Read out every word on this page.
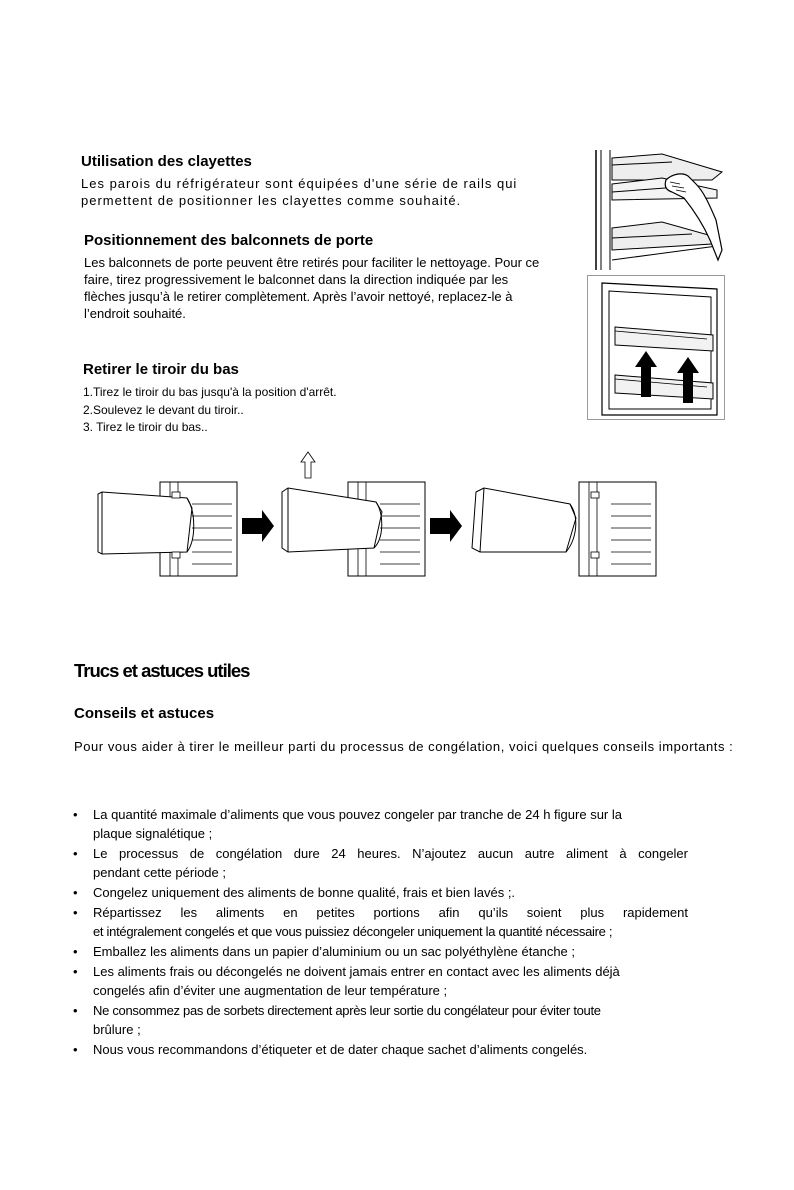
Utilisation des clayettes
Les parois du réfrigérateur sont équipées d'une série de rails qui
permettent de positionner les clayettes comme souhaité.
Positionnement des balconnets de porte
Les balconnets de porte peuvent être retirés pour faciliter le nettoyage. Pour ce
faire, tirez progressivement le balconnet dans la direction indiquée par les
flèches jusqu’à le retirer complètement. Après l’avoir nettoyé, replacez-le à
l’endroit souhaité.
Retirer le tiroir du bas
1.Tirez le tiroir du bas jusqu'à la position d'arrêt.
2.Soulevez le devant du tiroir..
3. Tirez le tiroir du bas..
Trucs et astuces utiles
Conseils et astuces
Pour vous aider à tirer le meilleur parti du processus de congélation, voici quelques conseils importants :
• La quantité maximale d’aliments que vous pouvez congeler par tranche de 24 h figure sur la
plaque signalétique ;
• Le processus de congélation dure 24 heures. N’ajoutez aucun autre aliment à congeler
pendant cette période ;
• Congelez uniquement des aliments de bonne qualité, frais et bien lavés ;.
• Répartissez les aliments en petites portions afin qu’ils soient plus rapidement
et intégralement congelés et que vous puissiez décongeler uniquement la quantité nécessaire ;
• Emballez les aliments dans un papier d’aluminium ou un sac polyéthylène étanche ;
• Les aliments frais ou décongelés ne doivent jamais entrer en contact avec les aliments déjà
congelés afin d’éviter une augmentation de leur température ;
• Ne consommez pas de sorbets directement après leur sortie du congélateur pour éviter toute
brûlure ;
• Nous vous recommandons d’étiqueter et de dater chaque sachet d’aliments congelés.
